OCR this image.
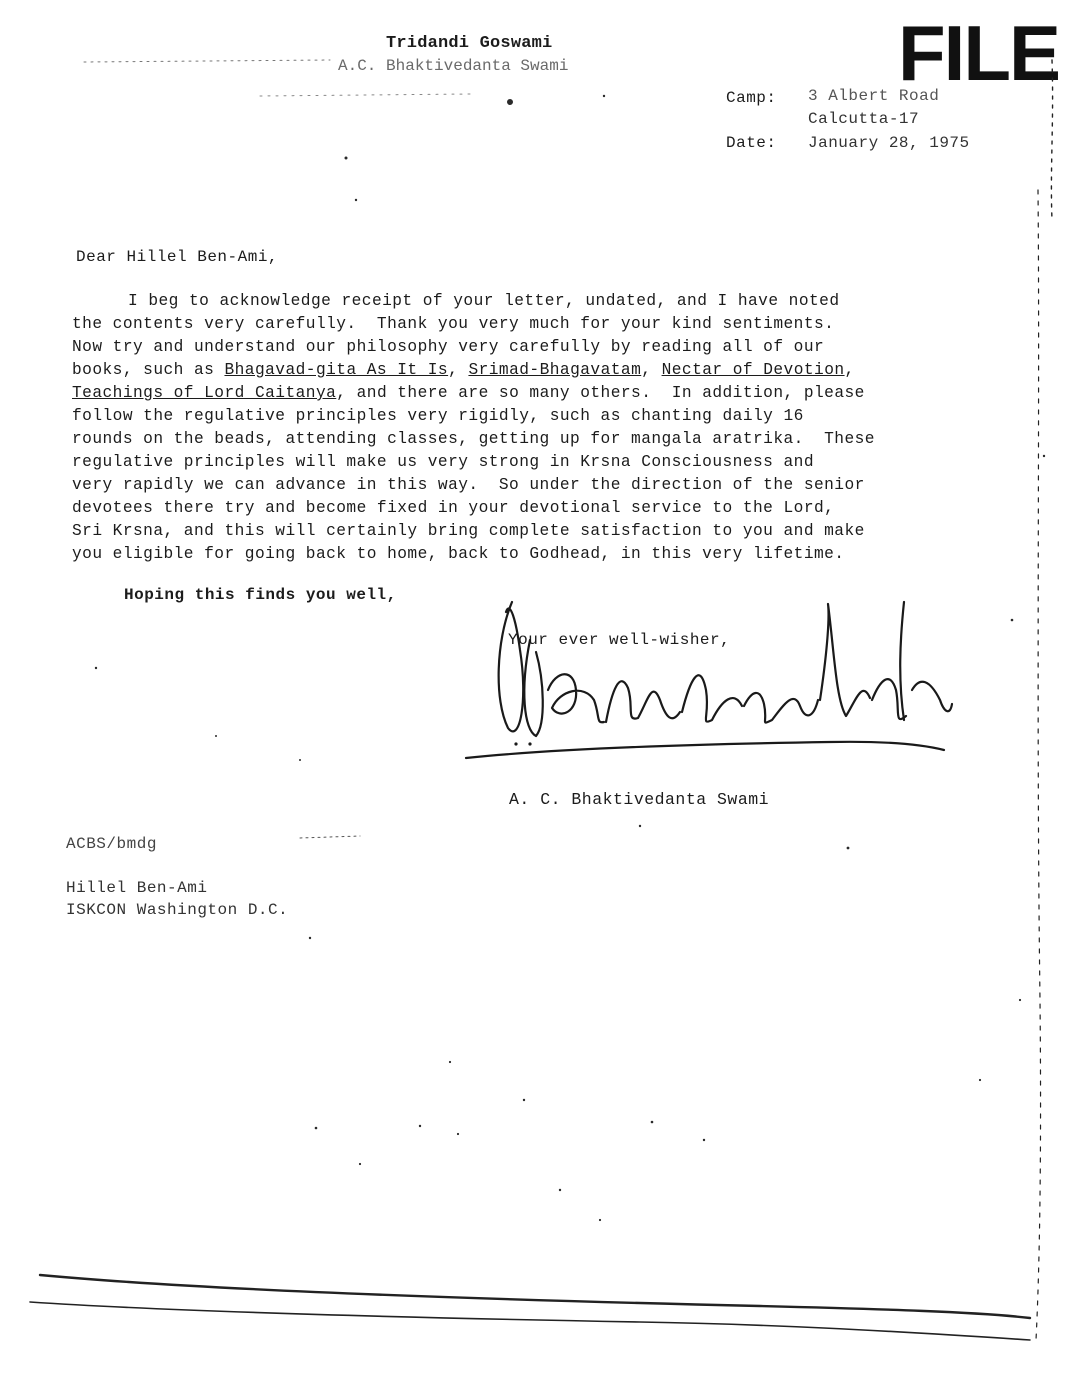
FILE
Tridandi Goswami
A.C. Bhaktivedanta Swami
Camp: 3 Albert Road
Calcutta-17
Date: January 28, 1975
Dear Hillel Ben-Ami,
I beg to acknowledge receipt of your letter, undated, and I have noted
the contents very carefully.  Thank you very much for your kind sentiments.
Now try and understand our philosophy very carefully by reading all of our
books, such as Bhagavad-gita As It Is, Srimad-Bhagavatam, Nectar of Devotion,
Teachings of Lord Caitanya, and there are so many others.  In addition, please
follow the regulative principles very rigidly, such as chanting daily 16
rounds on the beads, attending classes, getting up for mangala aratrika.  These
regulative principles will make us very strong in Krsna Consciousness and
very rapidly we can advance in this way.  So under the direction of the senior
devotees there try and become fixed in your devotional service to the Lord,
Sri Krsna, and this will certainly bring complete satisfaction to you and make
you eligible for going back to home, back to Godhead, in this very lifetime.
Hoping this finds you well,
Your ever well-wisher,
A. C. Bhaktivedanta Swami
ACBS/bmdg
Hillel Ben-Ami
ISKCON Washington D.C.
